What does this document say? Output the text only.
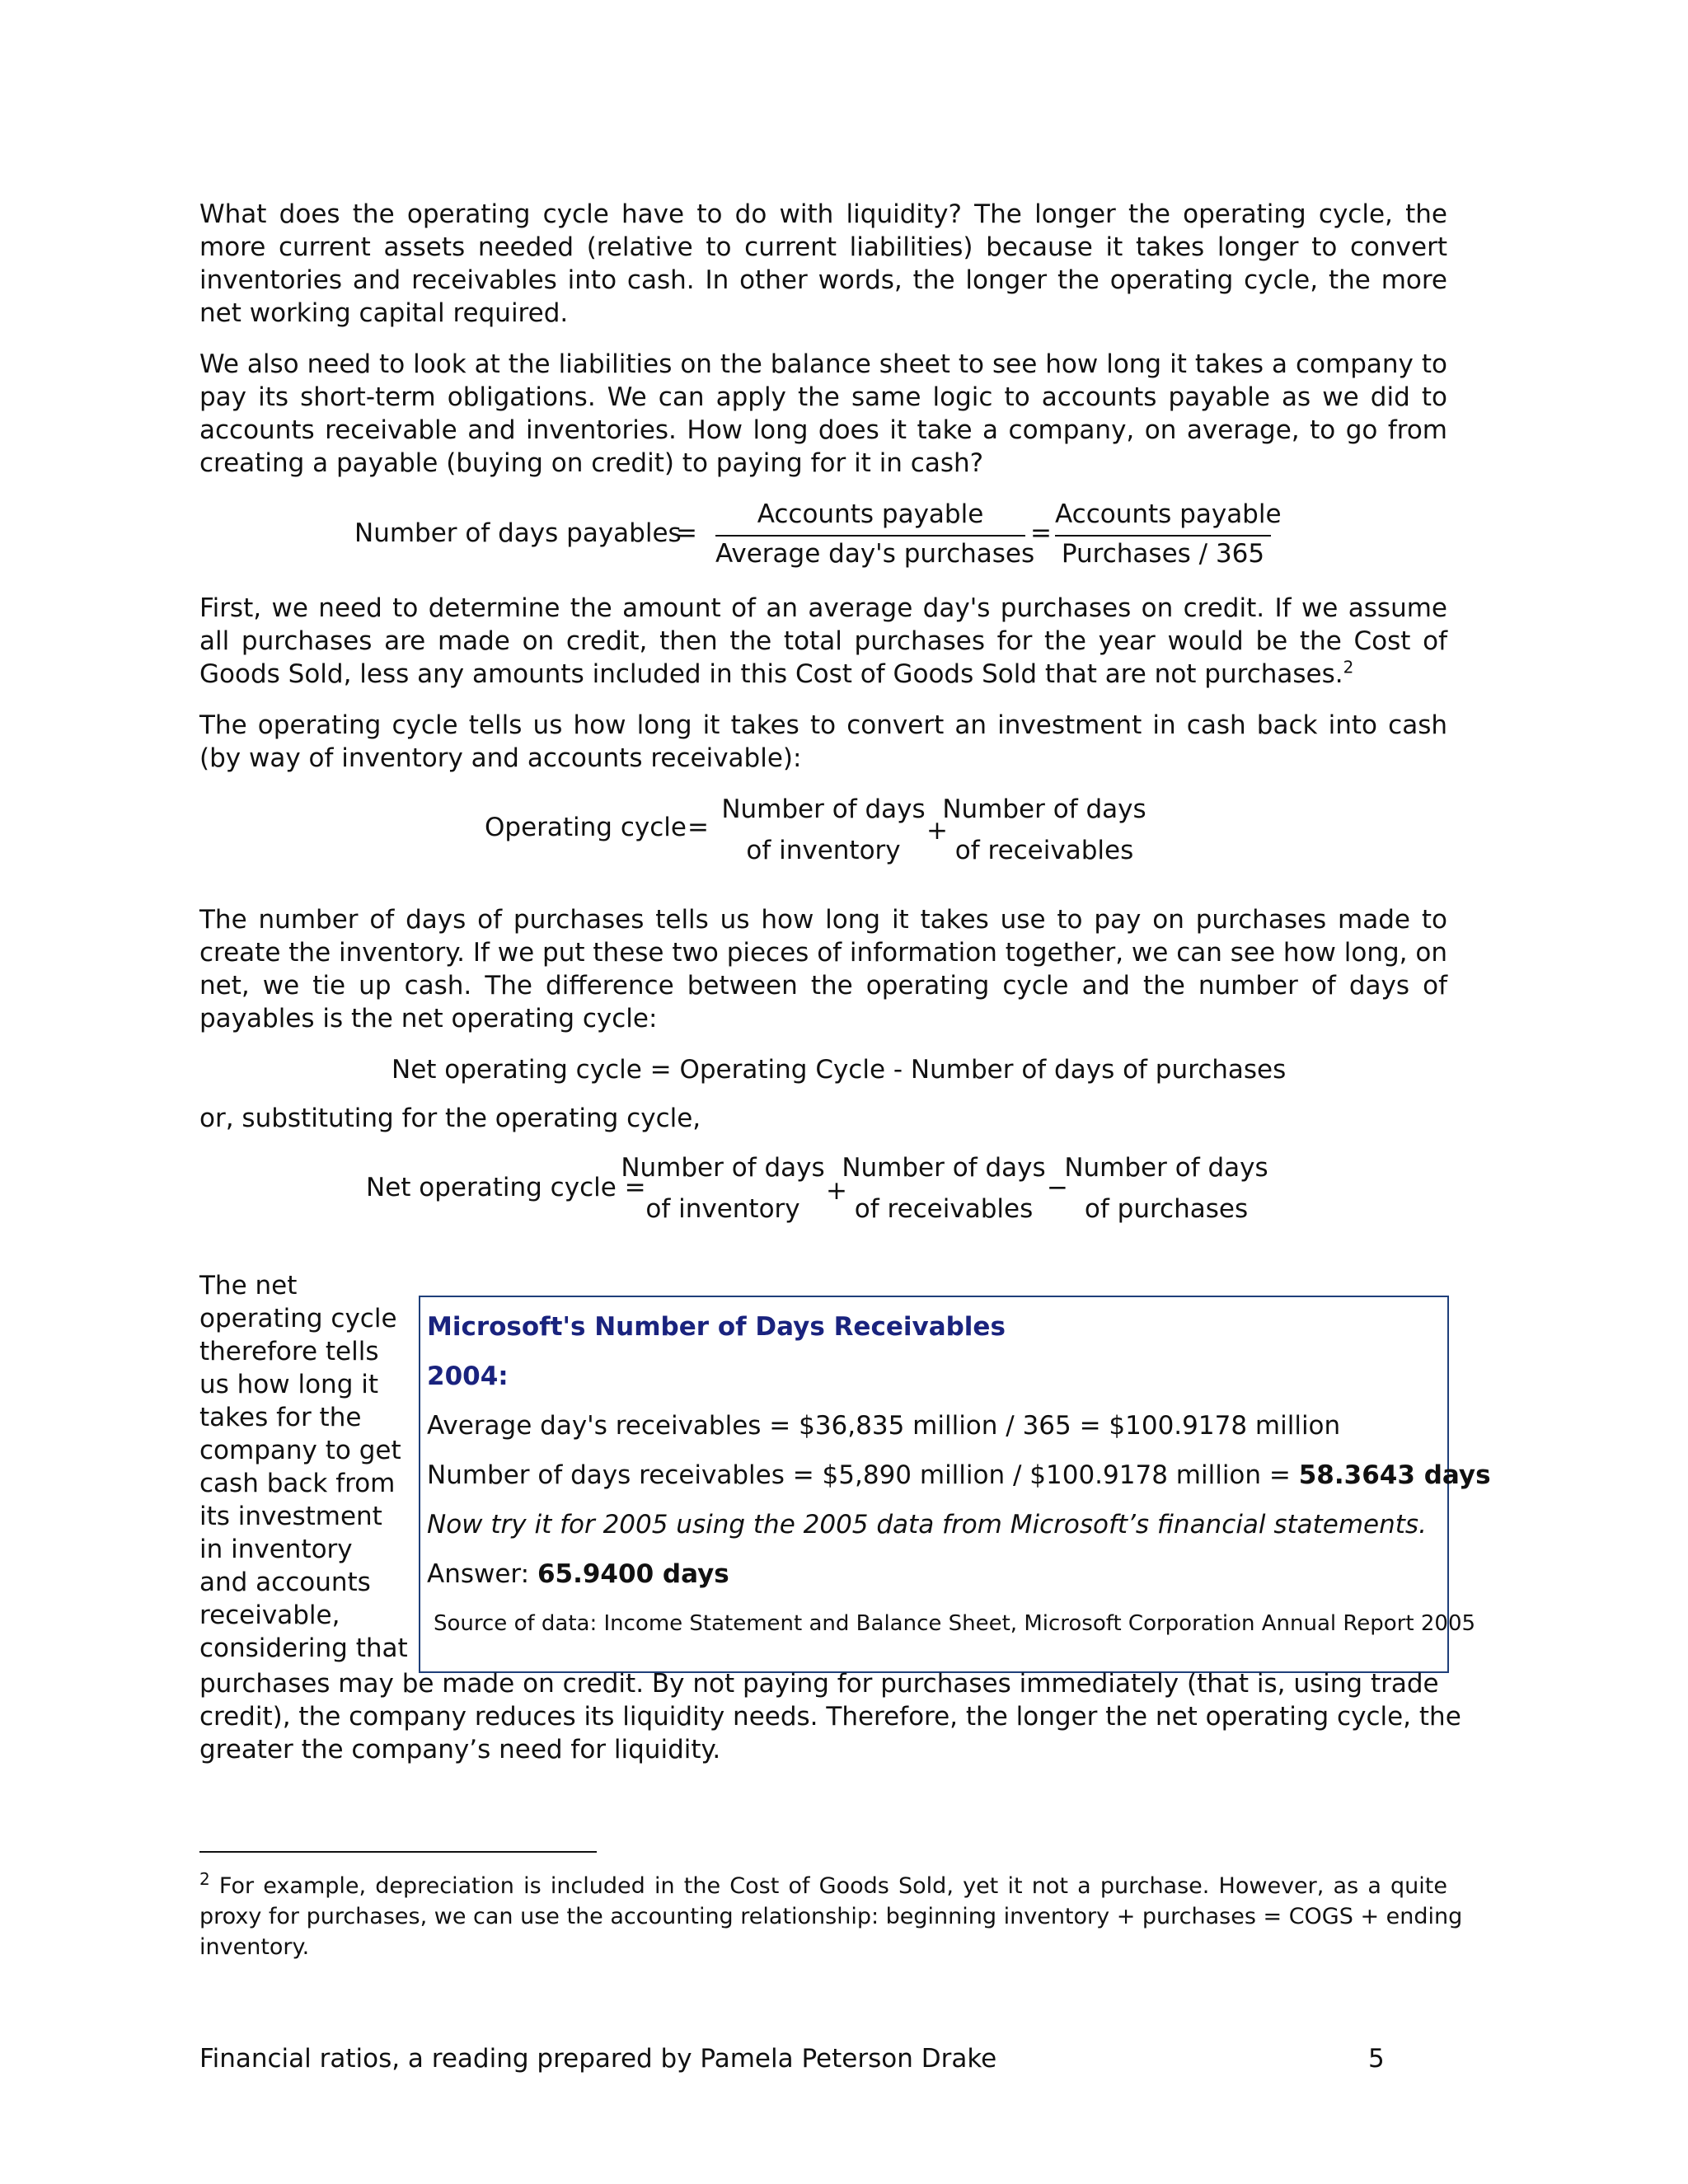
What does the operating cycle have to do with liquidity? The longer the operating cycle, the more current assets needed (relative to current liabilities) because it takes longer to convert inventories and receivables into cash. In other words, the longer the operating cycle, the more net working capital required.

We also need to look at the liabilities on the balance sheet to see how long it takes a company to pay its short-term obligations. We can apply the same logic to accounts payable as we did to accounts receivable and inventories. How long does it take a company, on average, to go from creating a payable (buying on credit) to paying for it in cash?

Number of days payables
=
Accounts payable
Average day's purchases
=
Accounts payable
Purchases / 365

First, we need to determine the amount of an average day's purchases on credit. If we assume all purchases are made on credit, then the total purchases for the year would be the Cost of Goods Sold, less any amounts included in this Cost of Goods Sold that are not purchases.$^2$

The operating cycle tells us how long it takes to convert an investment in cash back into cash (by way of inventory and accounts receivable):

Operating cycle =
Number of days
of inventory
+
Number of days
of receivables

The number of days of purchases tells us how long it takes use to pay on purchases made to create the inventory. If we put these two pieces of information together, we can see how long, on net, we tie up cash. The difference between the operating cycle and the number of days of payables is the net operating cycle:

Net operating cycle = Operating Cycle - Number of days of purchases
or, substituting for the operating cycle,
Net operating cycle =
Number of days
of inventory
+
Number of days
of receivables
−
Number of days
of purchases
The net
operating cycle
therefore tells
us how long it
takes for the
company to get
cash back from
its investment
in inventory
and accounts
receivable,
considering that
Microsoft's Number of Days Receivables
2004:
Average day's receivables = $36,835 million / 365 = $100.9178 million
Number of days receivables = $5,890 million / $100.9178 million = 58.3643 days
Now try it for 2005 using the 2005 data from Microsoft’s financial statements.
Answer: 65.9400 days
Source of data: Income Statement and Balance Sheet, Microsoft Corporation Annual Report 2005
purchases may be made on credit. By not paying for purchases immediately (that is, using trade
credit), the company reduces its liquidity needs. Therefore, the longer the net operating cycle, the
greater the company’s need for liquidity.
$^2$ For example, depreciation is included in the Cost of Goods Sold, yet it not a purchase. However, as a quite
proxy for purchases, we can use the accounting relationship: beginning inventory + purchases = COGS + ending
inventory.
Financial ratios, a reading prepared by Pamela Peterson Drake	5
